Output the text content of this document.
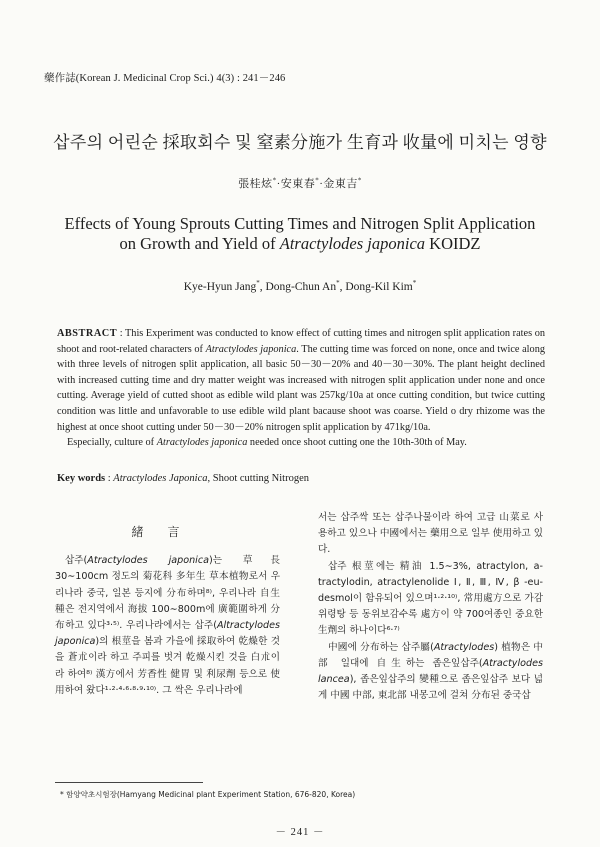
藥作誌(Korean J. Medicinal Crop Sci.) 4(3) : 241－246
삽주의 어린순 採取회수 및 窒素分施가 生育과 收量에 미치는 영향
張桂炫*·安東春*·金東吉*
Effects of Young Sprouts Cutting Times and Nitrogen Split Application
on Growth and Yield of Atractylodes japonica KOIDZ
Kye-Hyun Jang*, Dong-Chun An*, Dong-Kil Kim*

ABSTRACT : This Experiment was conducted to know effect of cutting times and nitrogen split application rates on shoot and root-related characters of Atractylodes japonica. The cutting time was forced on none, once and twice along with three levels of nitrogen split application, all basic 50－30－20% and 40－30－30%. The plant height declined with increased cutting time and dry matter weight was increased with nitrogen split application under none and once cutting. Average yield of cutted shoot as edible wild plant was 257kg/10a at once cutting condition, but twice cutting condition was little and unfavorable to use edible wild plant bacause shoot was coarse. Yield o dry rhizome was the highest at once shoot cutting under 50－30－20% nitrogen split application by 471kg/10a.

Especially, culture of Atractylodes japonica needed once shoot cutting one the 10th-30th of May.

Key words : Atractylodes Japonica, Shoot cutting Nitrogen
緒言

삽주(Atractylodes japonica)는 草長 30∼100cm 정도의 菊花科 多年生 草本植物로서 우리나라 중국, 일본 등지에 分布하며⁸⁾, 우리나라 自生種은 전지역에서 海拔 100∼800m에 廣範圍하게 分布하고 있다³·⁵⁾. 우리나라에서는 삽주(Altractylodes japonica)의 根莖을 봄과 가을에 採取하여 乾燥한 것을 蒼朮이라 하고 주피를 벗겨 乾燥시킨 것을 白朮이라 하여⁸⁾ 漢方에서 芳香性 健胃 및 利尿劑 등으로 使用하여 왔다¹·²·⁴·⁶·⁸·⁹·¹⁰⁾. 그 싹은 우리나라에

서는 삽주싹 또는 삽주나물이라 하여 고급 山菜로 사용하고 있으나 中國에서는 藥用으로 일부 使用하고 있다.

삽주 根莖에는 精油 1.5∼3%, atractylon, a-tractylodin, atractylenolide Ⅰ, Ⅱ, Ⅲ, Ⅳ, β -eu-desmol이 함유되어 있으며¹·²·¹⁰⁾, 常用處方으로 가감위령탕 등 동위보감수록 處方이 약 700여종인 중요한 生劑의 하나이다⁶·⁷⁾

中國에 分布하는 삽주屬(Atractylodes) 植物은 中部 일대에 自生하는 좁은잎삽주(Atractylodes lancea), 좁은잎삽주의 變種으로 좁은잎삽주 보다 넓게 中國 中部, 東北部 내몽고에 걸쳐 分布된 중국삽

* 함양약초시험장(Hamyang Medicinal plant Experiment Station, 676-820, Korea)
－ 241 －
